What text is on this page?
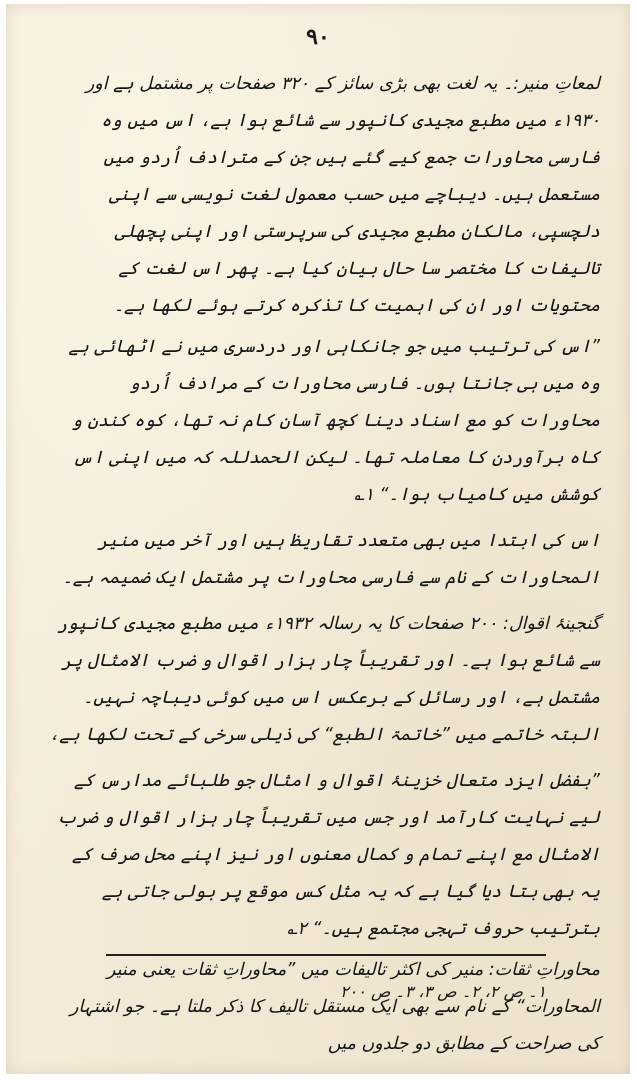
۹۰

لمعاتِ منیر:۔ یہ لغت بھی بڑی سائز کے ۳۲۰ صفحات پر مشتمل ہے اور ۱۹۳۰ء میں مطبع مجیدی کانپور سے شائع ہوا ہے، اس میں وہ فارسی محاورات جمع کیے گئے ہیں جن کے مترادف اُردو میں مستعمل ہیں۔ دیباچے میں حسب معمول لغت نویسی سے اپنی دلچسپی، مالکان مطبع مجیدی کی سرپرستی اور اپنی پچھلی تالیفات کا مختصر سا حال بیان کیا ہے۔ پھر اس لغت کے محتویات اور ان کی اہمیت کا تذکرہ کرتے ہوئے لکھا ہے۔

”اس کی ترتیب میں جو جانکاہی اور دردسری میں نے اٹھائی ہے وہ میں ہی جانتا ہوں۔ فارسی محاورات کے مرادف اُردو محاورات کو مع اسناد دینا کچھ آسان کام نہ تھا، کوہ کندن و کاہ برآوردن کا معاملہ تھا۔ لیکن الحمدللہ کہ میں اپنی اس کوشش میں کامیاب ہوا۔“ ۱؎

اس کی ابتدا میں بھی متعدد تقاریظ ہیں اور آخر میں منیر المحاورات کے نام سے فارسی محاورات پر مشتمل ایک ضمیمہ ہے۔

گنجینۂ اقوال: ۲۰۰ صفحات کا یہ رسالہ ۱۹۳۲ء میں مطبع مجیدی کانپور سے شائع ہوا ہے۔ اور تقریباً چار ہزار اقوال و ضرب الامثال پر مشتمل ہے، اور رسائل کے برعکس اس میں کوئی دیباچہ نہیں۔ البتہ خاتمے میں ”خاتمۃ الطبع“ کی ذیلی سرخی کے تحت لکھا ہے،

”بفضل ایزد متعال خزینۂ اقوال و امثال جو طلبائے مدارس کے لیے نہایت کارآمد اور جس میں تقریباً چار ہزار اقوال و ضرب الامثال مع اپنے تمام و کمال معنوں اور نیز اپنے محل صرف کے یہ بھی بتا دیا گیا ہے کہ یہ مثل کس موقع پر بولی جاتی ہے بترتیب حروف تہجی مجتمع ہیں۔“ ۲؎

محاوراتِ ثقات: منیر کی اکثر تالیفات میں ”محاوراتِ ثقات یعنی منیر المحاورات“ کے نام سے بھی ایک مستقل تالیف کا ذکر ملتا ہے۔ جو اشتہار کی صراحت کے مطابق دو جلدوں میں

۱۔ ص ۲، ۲۔ ص ۳، ۳۔ ص ۲۰۰
